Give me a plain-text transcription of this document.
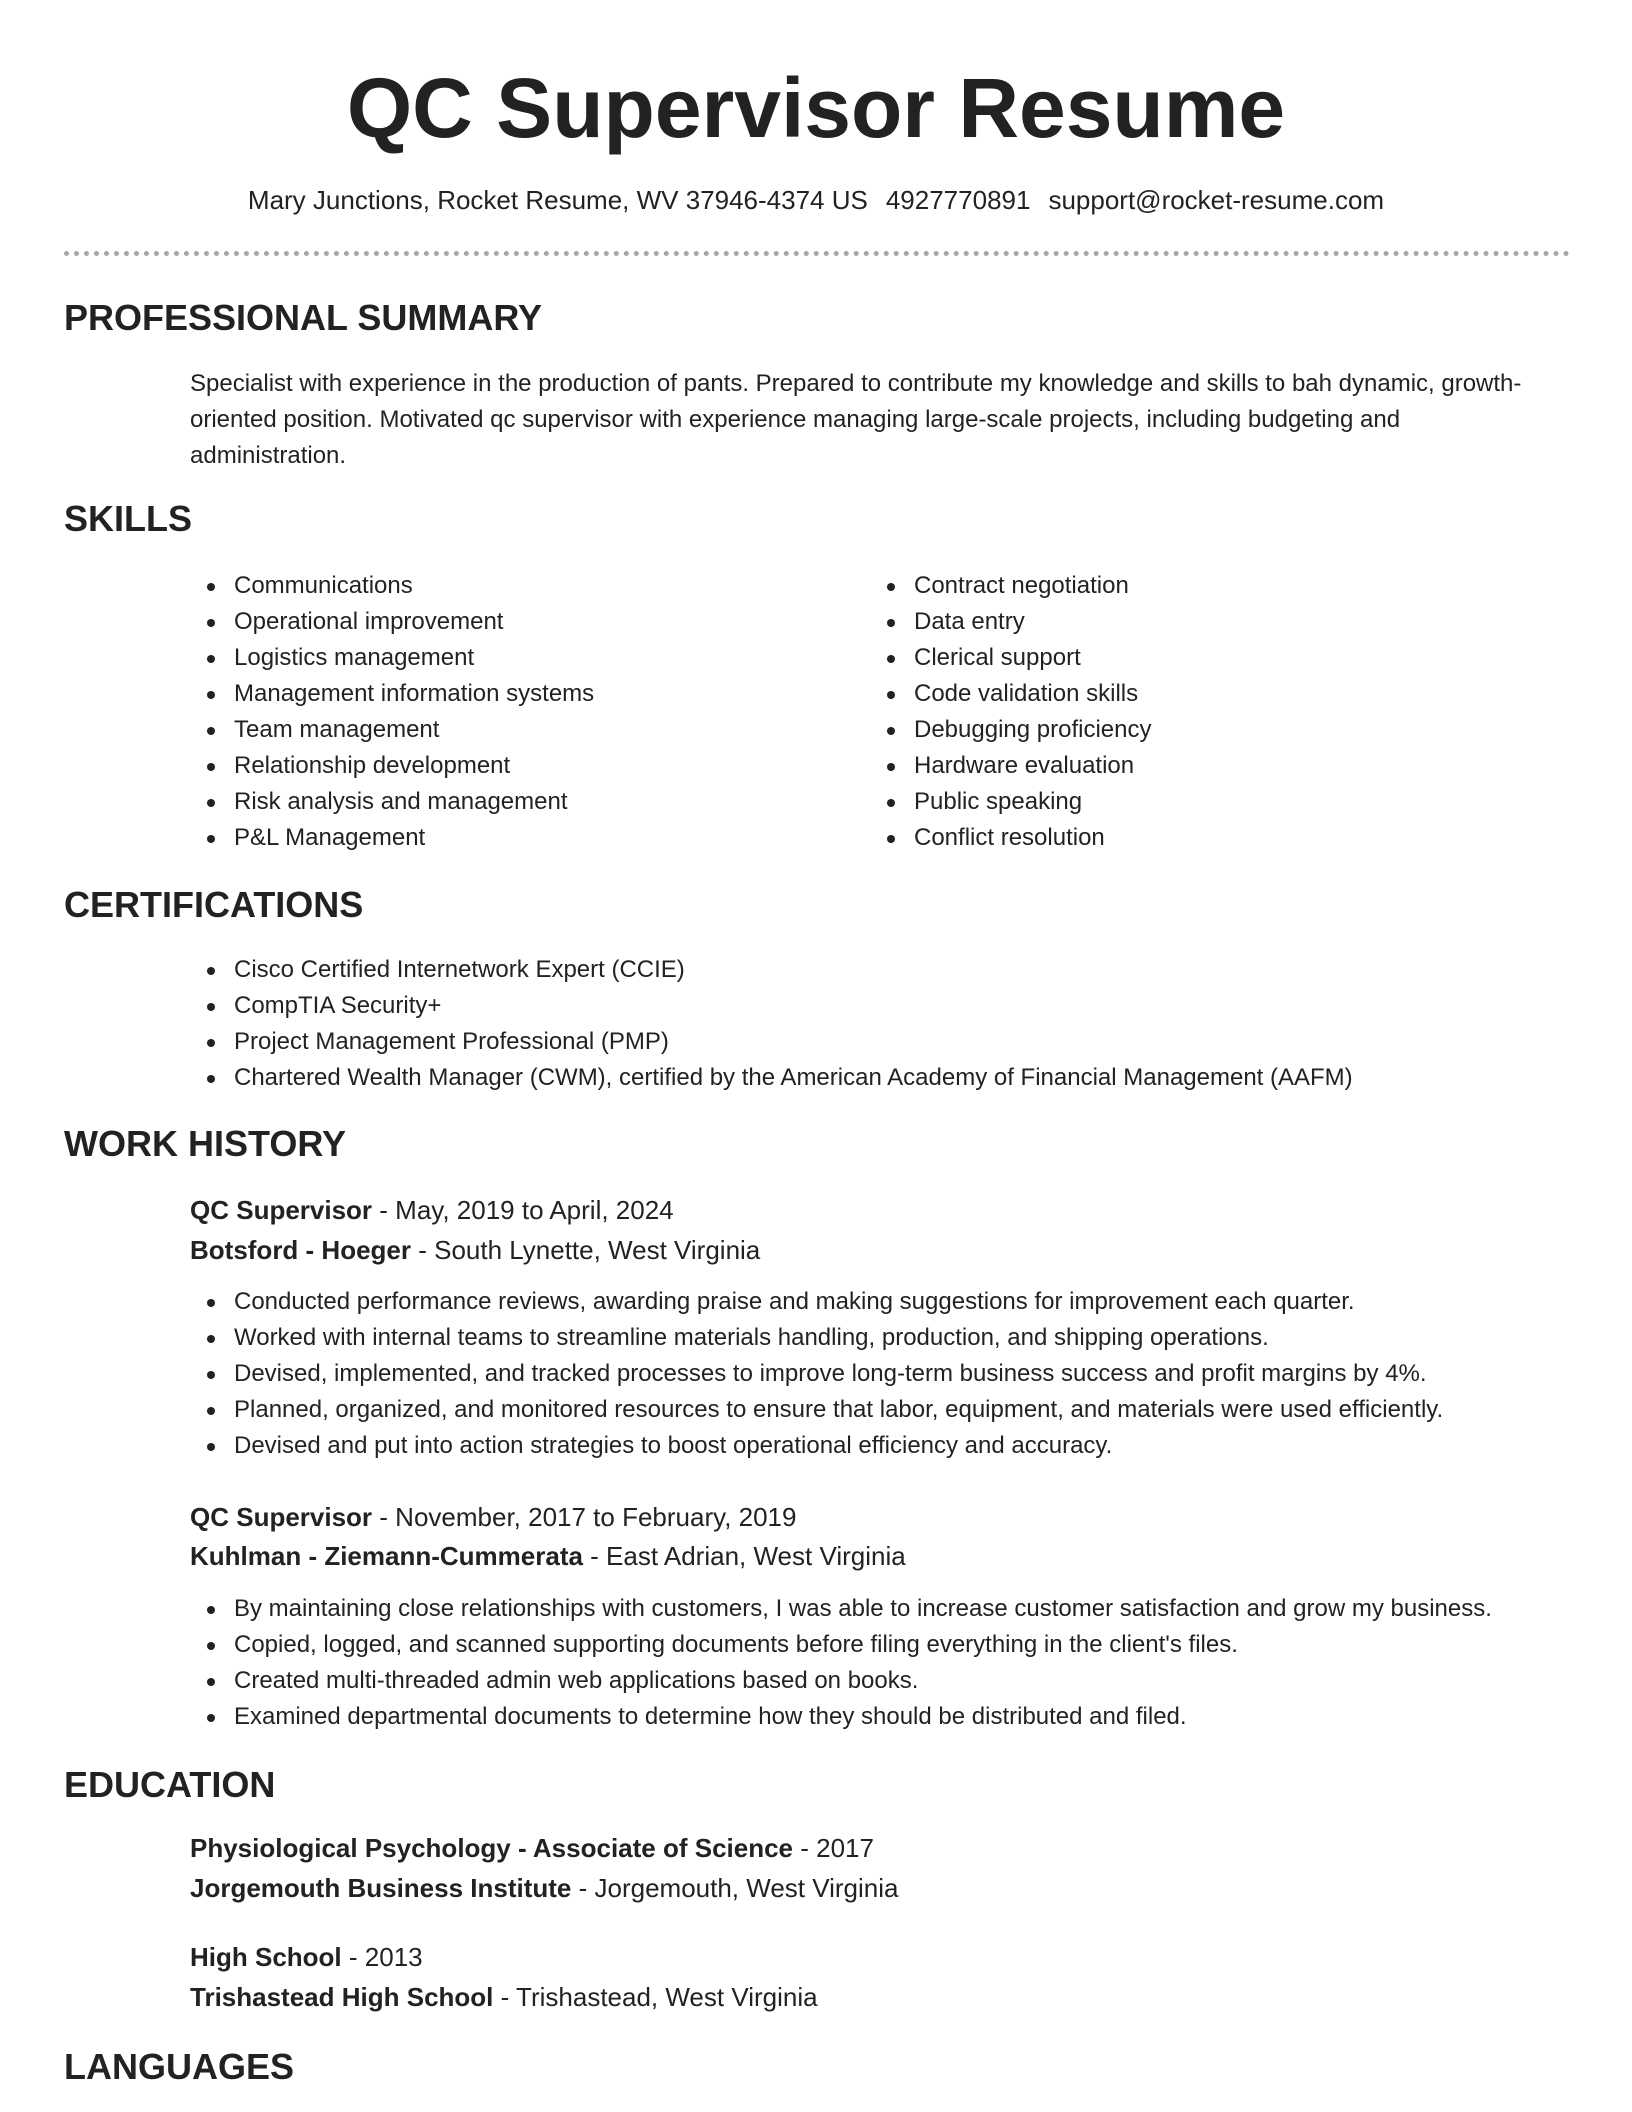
QC Supervisor Resume
Mary Junctions, Rocket Resume, WV 37946-4374 US 4927770891 support@rocket-resume.com
PROFESSIONAL SUMMARY

Specialist with experience in the production of pants. Prepared to contribute my knowledge and skills to bah dynamic, growth-oriented position. Motivated qc supervisor with experience managing large-scale projects, including budgeting and administration.

SKILLS
Communications
Operational improvement
Logistics management
Management information systems
Team management
Relationship development
Risk analysis and management
P&L Management
Contract negotiation
Data entry
Clerical support
Code validation skills
Debugging proficiency
Hardware evaluation
Public speaking
Conflict resolution
CERTIFICATIONS
Cisco Certified Internetwork Expert (CCIE)
CompTIA Security+
Project Management Professional (PMP)
Chartered Wealth Manager (CWM), certified by the American Academy of Financial Management (AAFM)
WORK HISTORY
QC Supervisor - May, 2019 to April, 2024
Botsford - Hoeger - South Lynette, West Virginia
Conducted performance reviews, awarding praise and making suggestions for improvement each quarter.
Worked with internal teams to streamline materials handling, production, and shipping operations.
Devised, implemented, and tracked processes to improve long-term business success and profit margins by 4%.
Planned, organized, and monitored resources to ensure that labor, equipment, and materials were used efficiently.
Devised and put into action strategies to boost operational efficiency and accuracy.
QC Supervisor - November, 2017 to February, 2019
Kuhlman - Ziemann-Cummerata - East Adrian, West Virginia
By maintaining close relationships with customers, I was able to increase customer satisfaction and grow my business.
Copied, logged, and scanned supporting documents before filing everything in the client's files.
Created multi-threaded admin web applications based on books.
Examined departmental documents to determine how they should be distributed and filed.
EDUCATION
Physiological Psychology - Associate of Science - 2017
Jorgemouth Business Institute - Jorgemouth, West Virginia
High School - 2013
Trishastead High School - Trishastead, West Virginia
LANGUAGES
